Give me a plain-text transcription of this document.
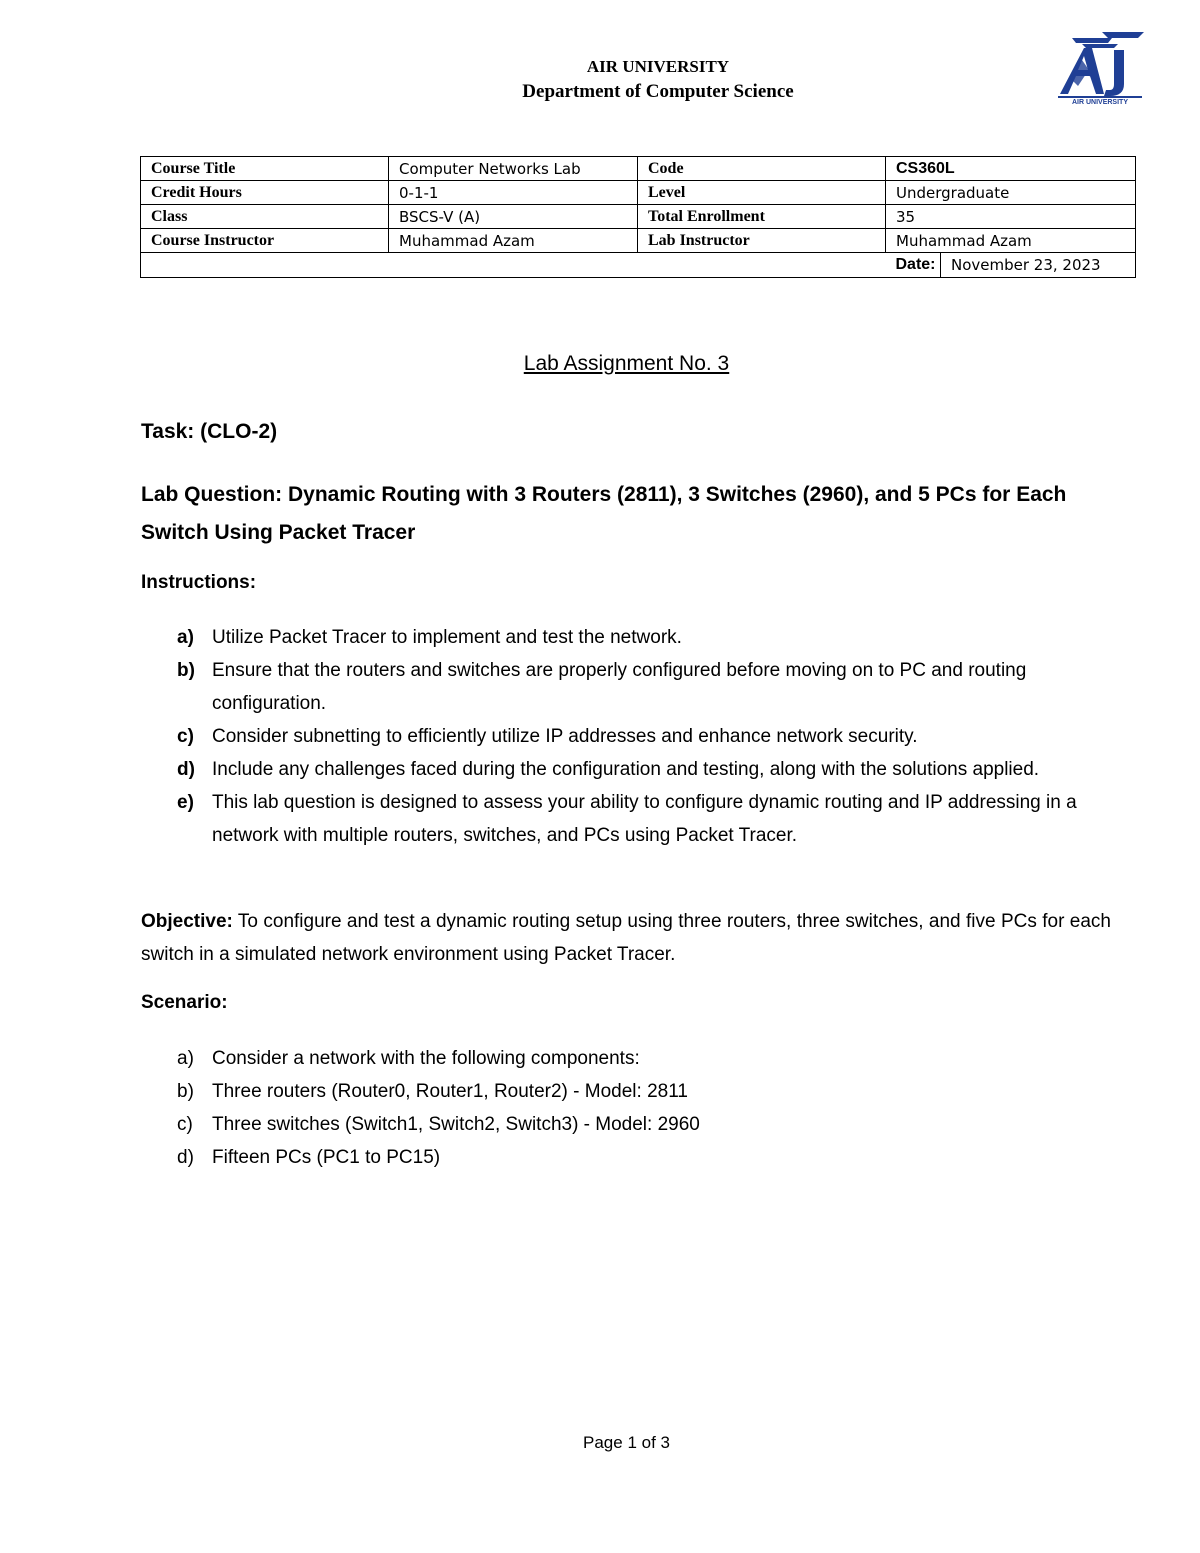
AIR UNIVERSITY
Department of Computer Science
AIR UNIVERSITY
Course Title	Computer Networks Lab	Code	CS360L	
Credit Hours	0-1-1	Level	Undergraduate	
Class	BSCS-V (A)	Total Enrollment	35	
Course Instructor	Muhammad Azam	Lab Instructor	Muhammad Azam	
			Date:	November 23, 2023
Lab Assignment No. 3
Task: (CLO-2)
Lab Question: Dynamic Routing with 3 Routers (2811), 3 Switches (2960), and 5 PCs for Each Switch Using Packet Tracer
Instructions:
a) Utilize Packet Tracer to implement and test the network.
b) Ensure that the routers and switches are properly configured before moving on to PC and routing configuration.
c) Consider subnetting to efficiently utilize IP addresses and enhance network security.
d) Include any challenges faced during the configuration and testing, along with the solutions applied.
e) This lab question is designed to assess your ability to configure dynamic routing and IP addressing in a network with multiple routers, switches, and PCs using Packet Tracer.
Objective: To configure and test a dynamic routing setup using three routers, three switches, and five PCs for each switch in a simulated network environment using Packet Tracer.
Scenario:
a) Consider a network with the following components:
b) Three routers (Router0, Router1, Router2) - Model: 2811
c) Three switches (Switch1, Switch2, Switch3) - Model: 2960
d) Fifteen PCs (PC1 to PC15)
Page 1 of 3
